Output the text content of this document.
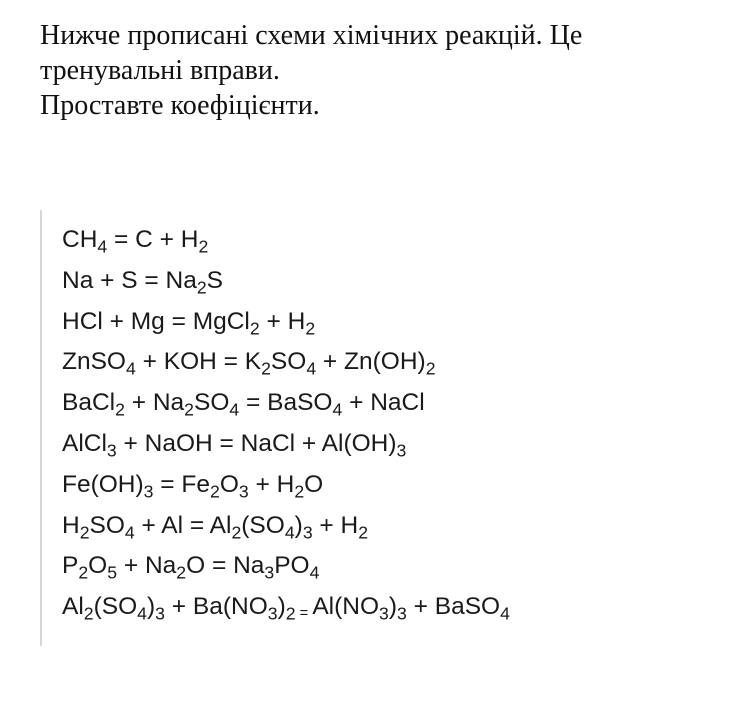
Нижче прописані схеми хімічних реакцій. Це тренувальні вправи.

Проставте коефіцієнти.

$CH_4 = C + H_2$
$Na + S = Na_2S$
HCl + Mg = MgCl$_2$ + $H_2$
ZnSO$_4$ + KOH = $K_2SO_4 + Zn(OH)_2$
BaCl$_2$ + $Na_2SO_4$ = BaSO$_4$ + NaCl
AlCl$_3$ + NaOH = NaCl + $Al(OH)_3$
$Fe(OH)_3 = Fe_2O_3 + H_2O$
$H_2SO_4 + Al = Al_2(SO_4)_3 + H_2$
$P_2O_5 + Na_2O = Na_3PO_4$
$Al_2(SO_4)_3 + Ba(NO_3)_2 = Al(NO_3)_3$ + BaSO$_4$
